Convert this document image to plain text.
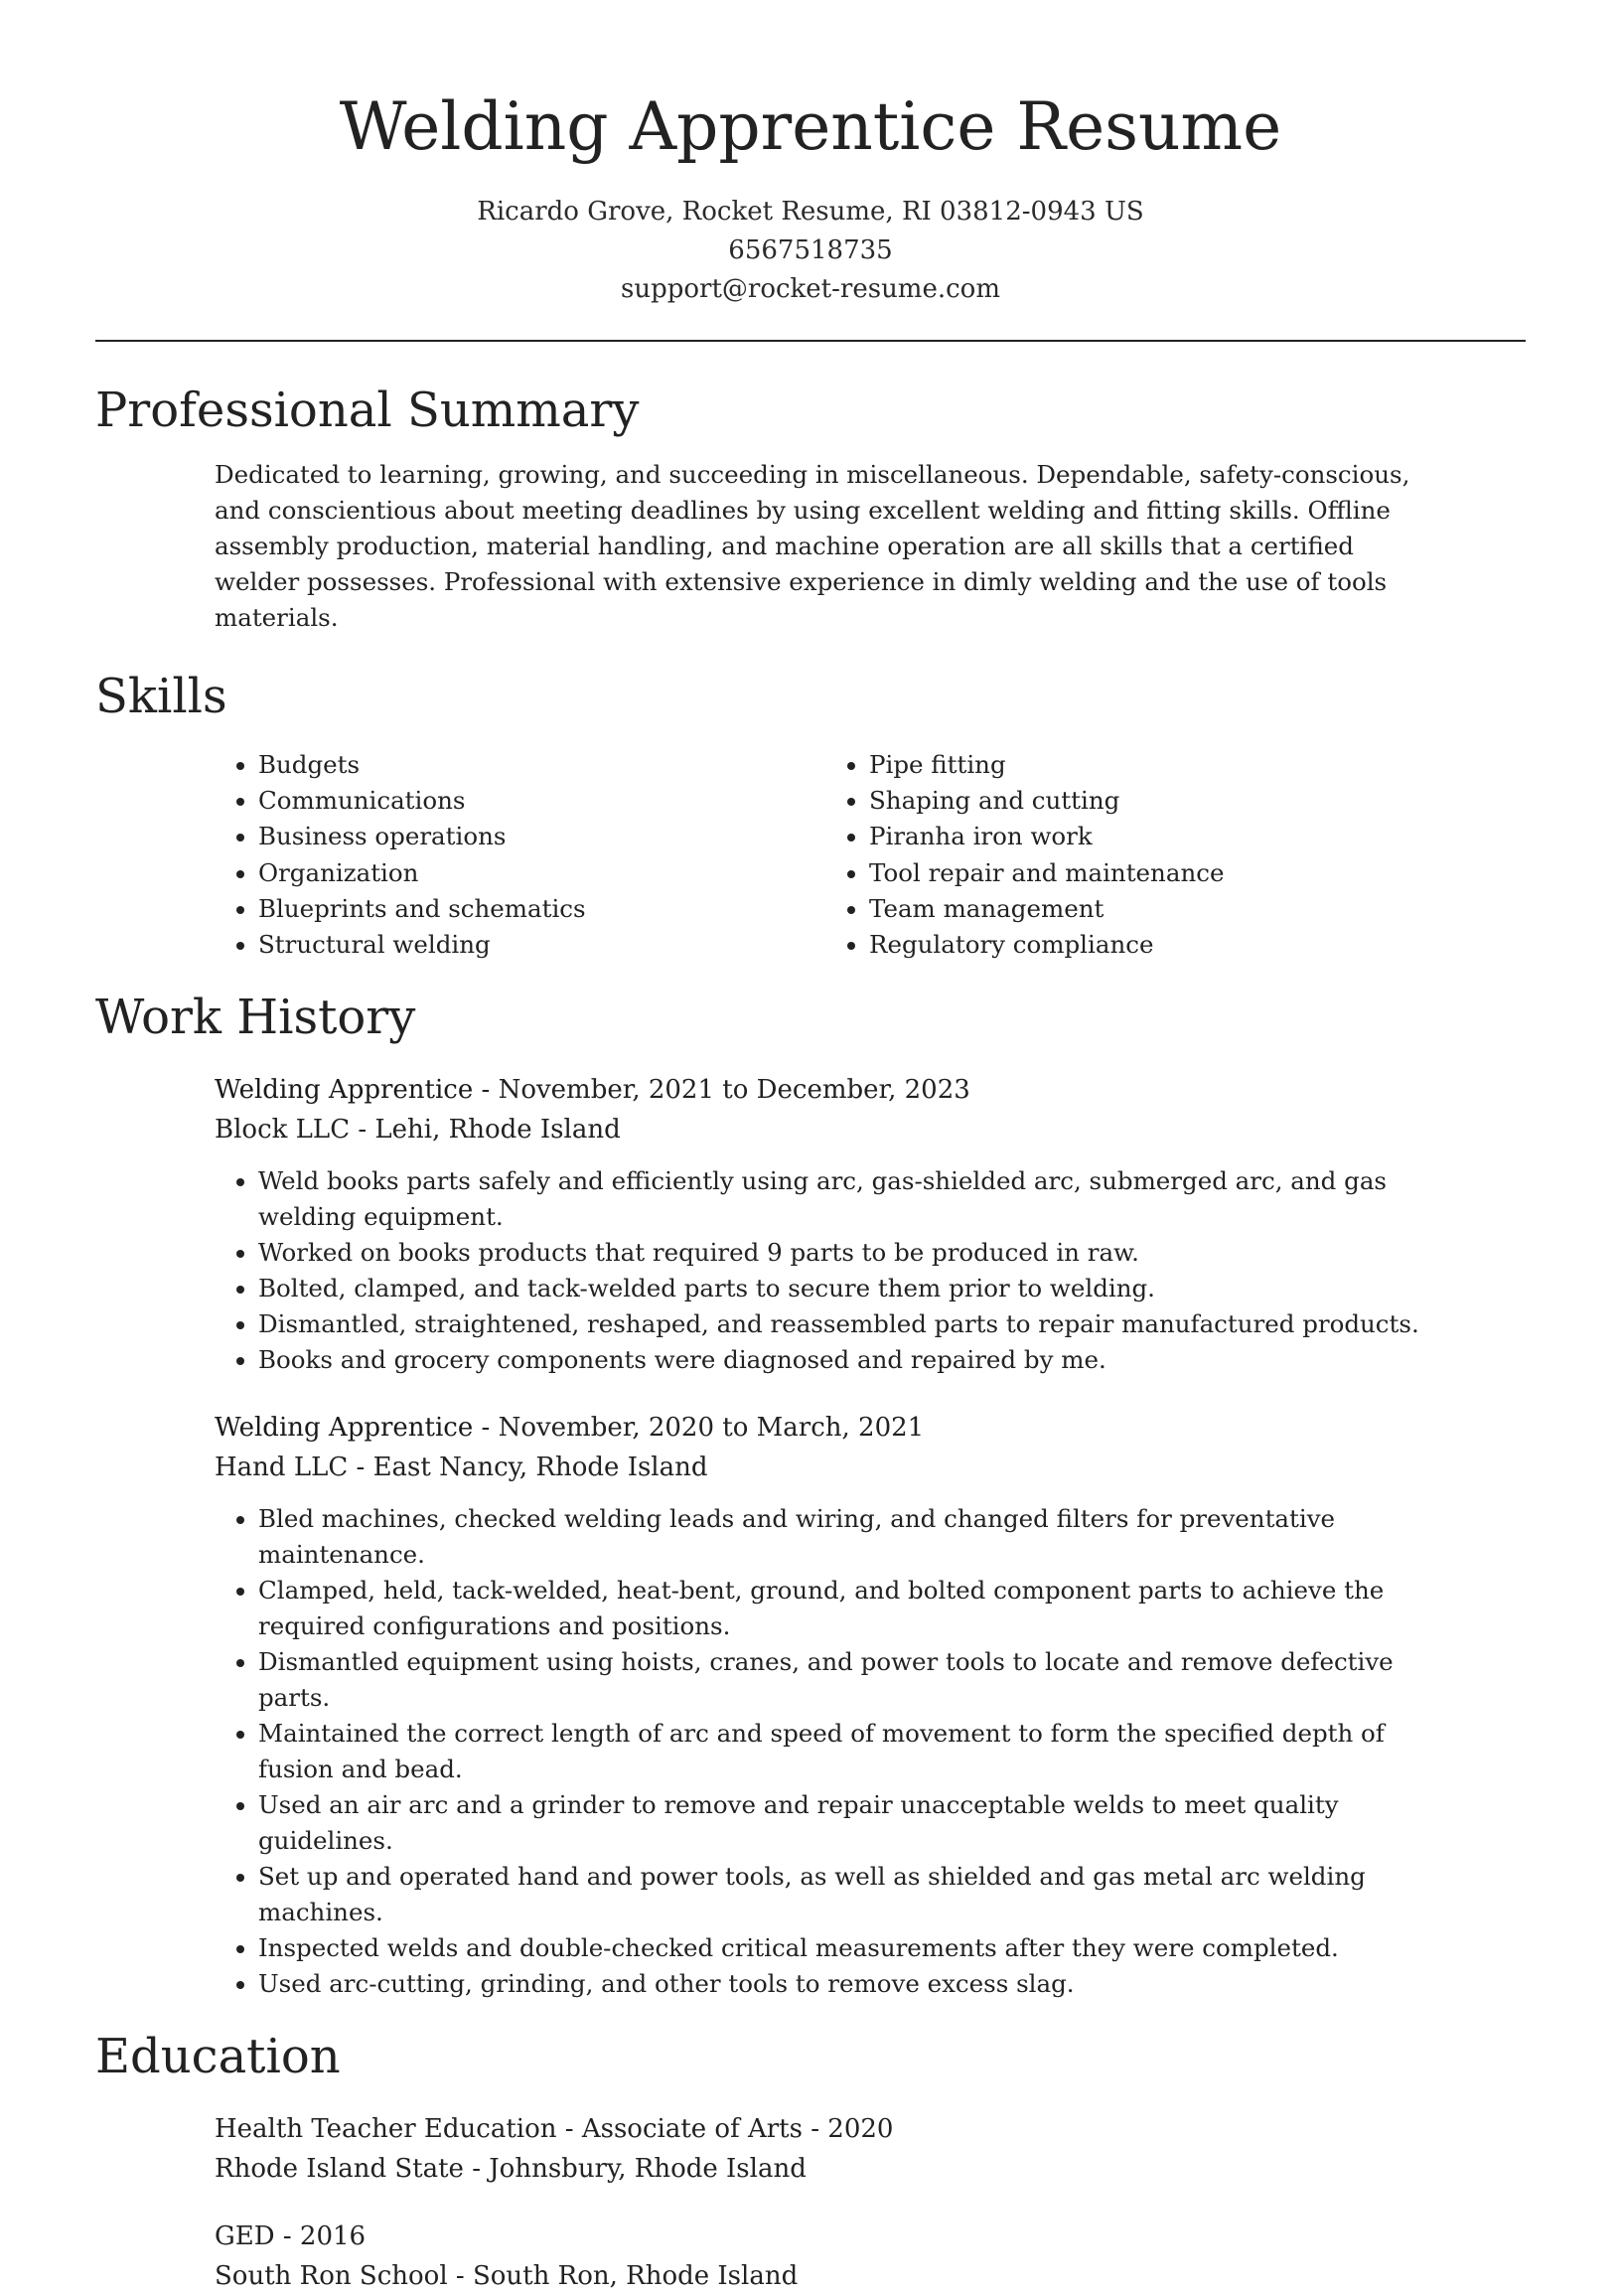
Welding Apprentice Resume
Ricardo Grove, Rocket Resume, RI 03812-0943 US
6567518735
support@rocket-resume.com
Professional Summary

Dedicated to learning, growing, and succeeding in miscellaneous. Dependable, safety-conscious, and conscientious about meeting deadlines by using excellent welding and fitting skills. Offline assembly production, material handling, and machine operation are all skills that a certified welder possesses. Professional with extensive experience in dimly welding and the use of tools materials.

Skills
• Budgets
• Communications
• Business operations
• Organization
• Blueprints and schematics
• Structural welding
• Pipe fitting
• Shaping and cutting
• Piranha iron work
• Tool repair and maintenance
• Team management
• Regulatory compliance
Work History
Welding Apprentice - November, 2021 to December, 2023
Block LLC - Lehi, Rhode Island
• Weld books parts safely and efficiently using arc, gas-shielded arc, submerged arc, and gas welding equipment.
• Worked on books products that required 9 parts to be produced in raw.
• Bolted, clamped, and tack-welded parts to secure them prior to welding.
• Dismantled, straightened, reshaped, and reassembled parts to repair manufactured products.
• Books and grocery components were diagnosed and repaired by me.
Welding Apprentice - November, 2020 to March, 2021
Hand LLC - East Nancy, Rhode Island
• Bled machines, checked welding leads and wiring, and changed filters for preventative maintenance.
• Clamped, held, tack-welded, heat-bent, ground, and bolted component parts to achieve the required configurations and positions.
• Dismantled equipment using hoists, cranes, and power tools to locate and remove defective parts.
• Maintained the correct length of arc and speed of movement to form the specified depth of fusion and bead.
• Used an air arc and a grinder to remove and repair unacceptable welds to meet quality guidelines.
• Set up and operated hand and power tools, as well as shielded and gas metal arc welding machines.
• Inspected welds and double-checked critical measurements after they were completed.
• Used arc-cutting, grinding, and other tools to remove excess slag.
Education
Health Teacher Education - Associate of Arts - 2020
Rhode Island State - Johnsbury, Rhode Island
GED - 2016
South Ron School - South Ron, Rhode Island
